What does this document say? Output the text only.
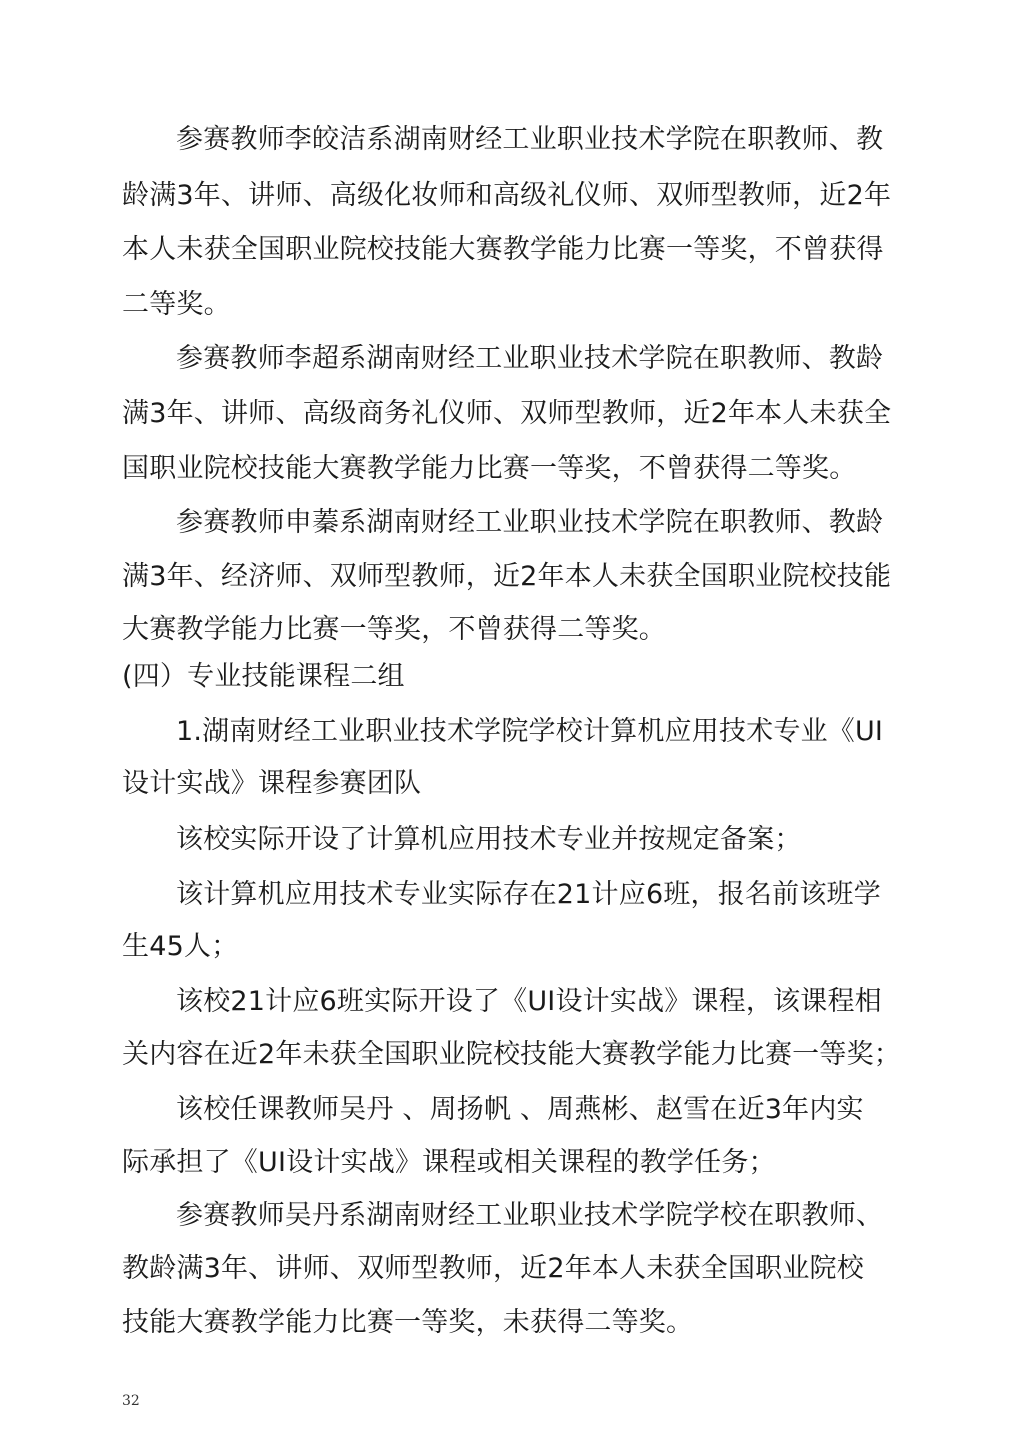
参赛教师李皎洁系湖南财经工业职业技术学院在职教师、教
龄满3年、讲师、高级化妆师和高级礼仪师、双师型教师，近2年
本人未获全国职业院校技能大赛教学能力比赛一等奖，不曾获得
二等奖。
参赛教师李超系湖南财经工业职业技术学院在职教师、教龄
满3年、讲师、高级商务礼仪师、双师型教师，近2年本人未获全
国职业院校技能大赛教学能力比赛一等奖，不曾获得二等奖。
参赛教师申蓁系湖南财经工业职业技术学院在职教师、教龄
满3年、经济师、双师型教师，近2年本人未获全国职业院校技能
大赛教学能力比赛一等奖，不曾获得二等奖。
(四）专业技能课程二组
1.湖南财经工业职业技术学院学校计算机应用技术专业《UI
设计实战》课程参赛团队
该校实际开设了计算机应用技术专业并按规定备案；
该计算机应用技术专业实际存在21计应6班，报名前该班学
生45人；
该校21计应6班实际开设了《UI设计实战》课程，该课程相
关内容在近2年未获全国职业院校技能大赛教学能力比赛一等奖；
该校任课教师吴丹 、周扬帆 、周燕彬、赵雪在近3年内实
际承担了《UI设计实战》课程或相关课程的教学任务；
参赛教师吴丹系湖南财经工业职业技术学院学校在职教师、
教龄满3年、讲师、双师型教师，近2年本人未获全国职业院校
技能大赛教学能力比赛一等奖，未获得二等奖。
32
